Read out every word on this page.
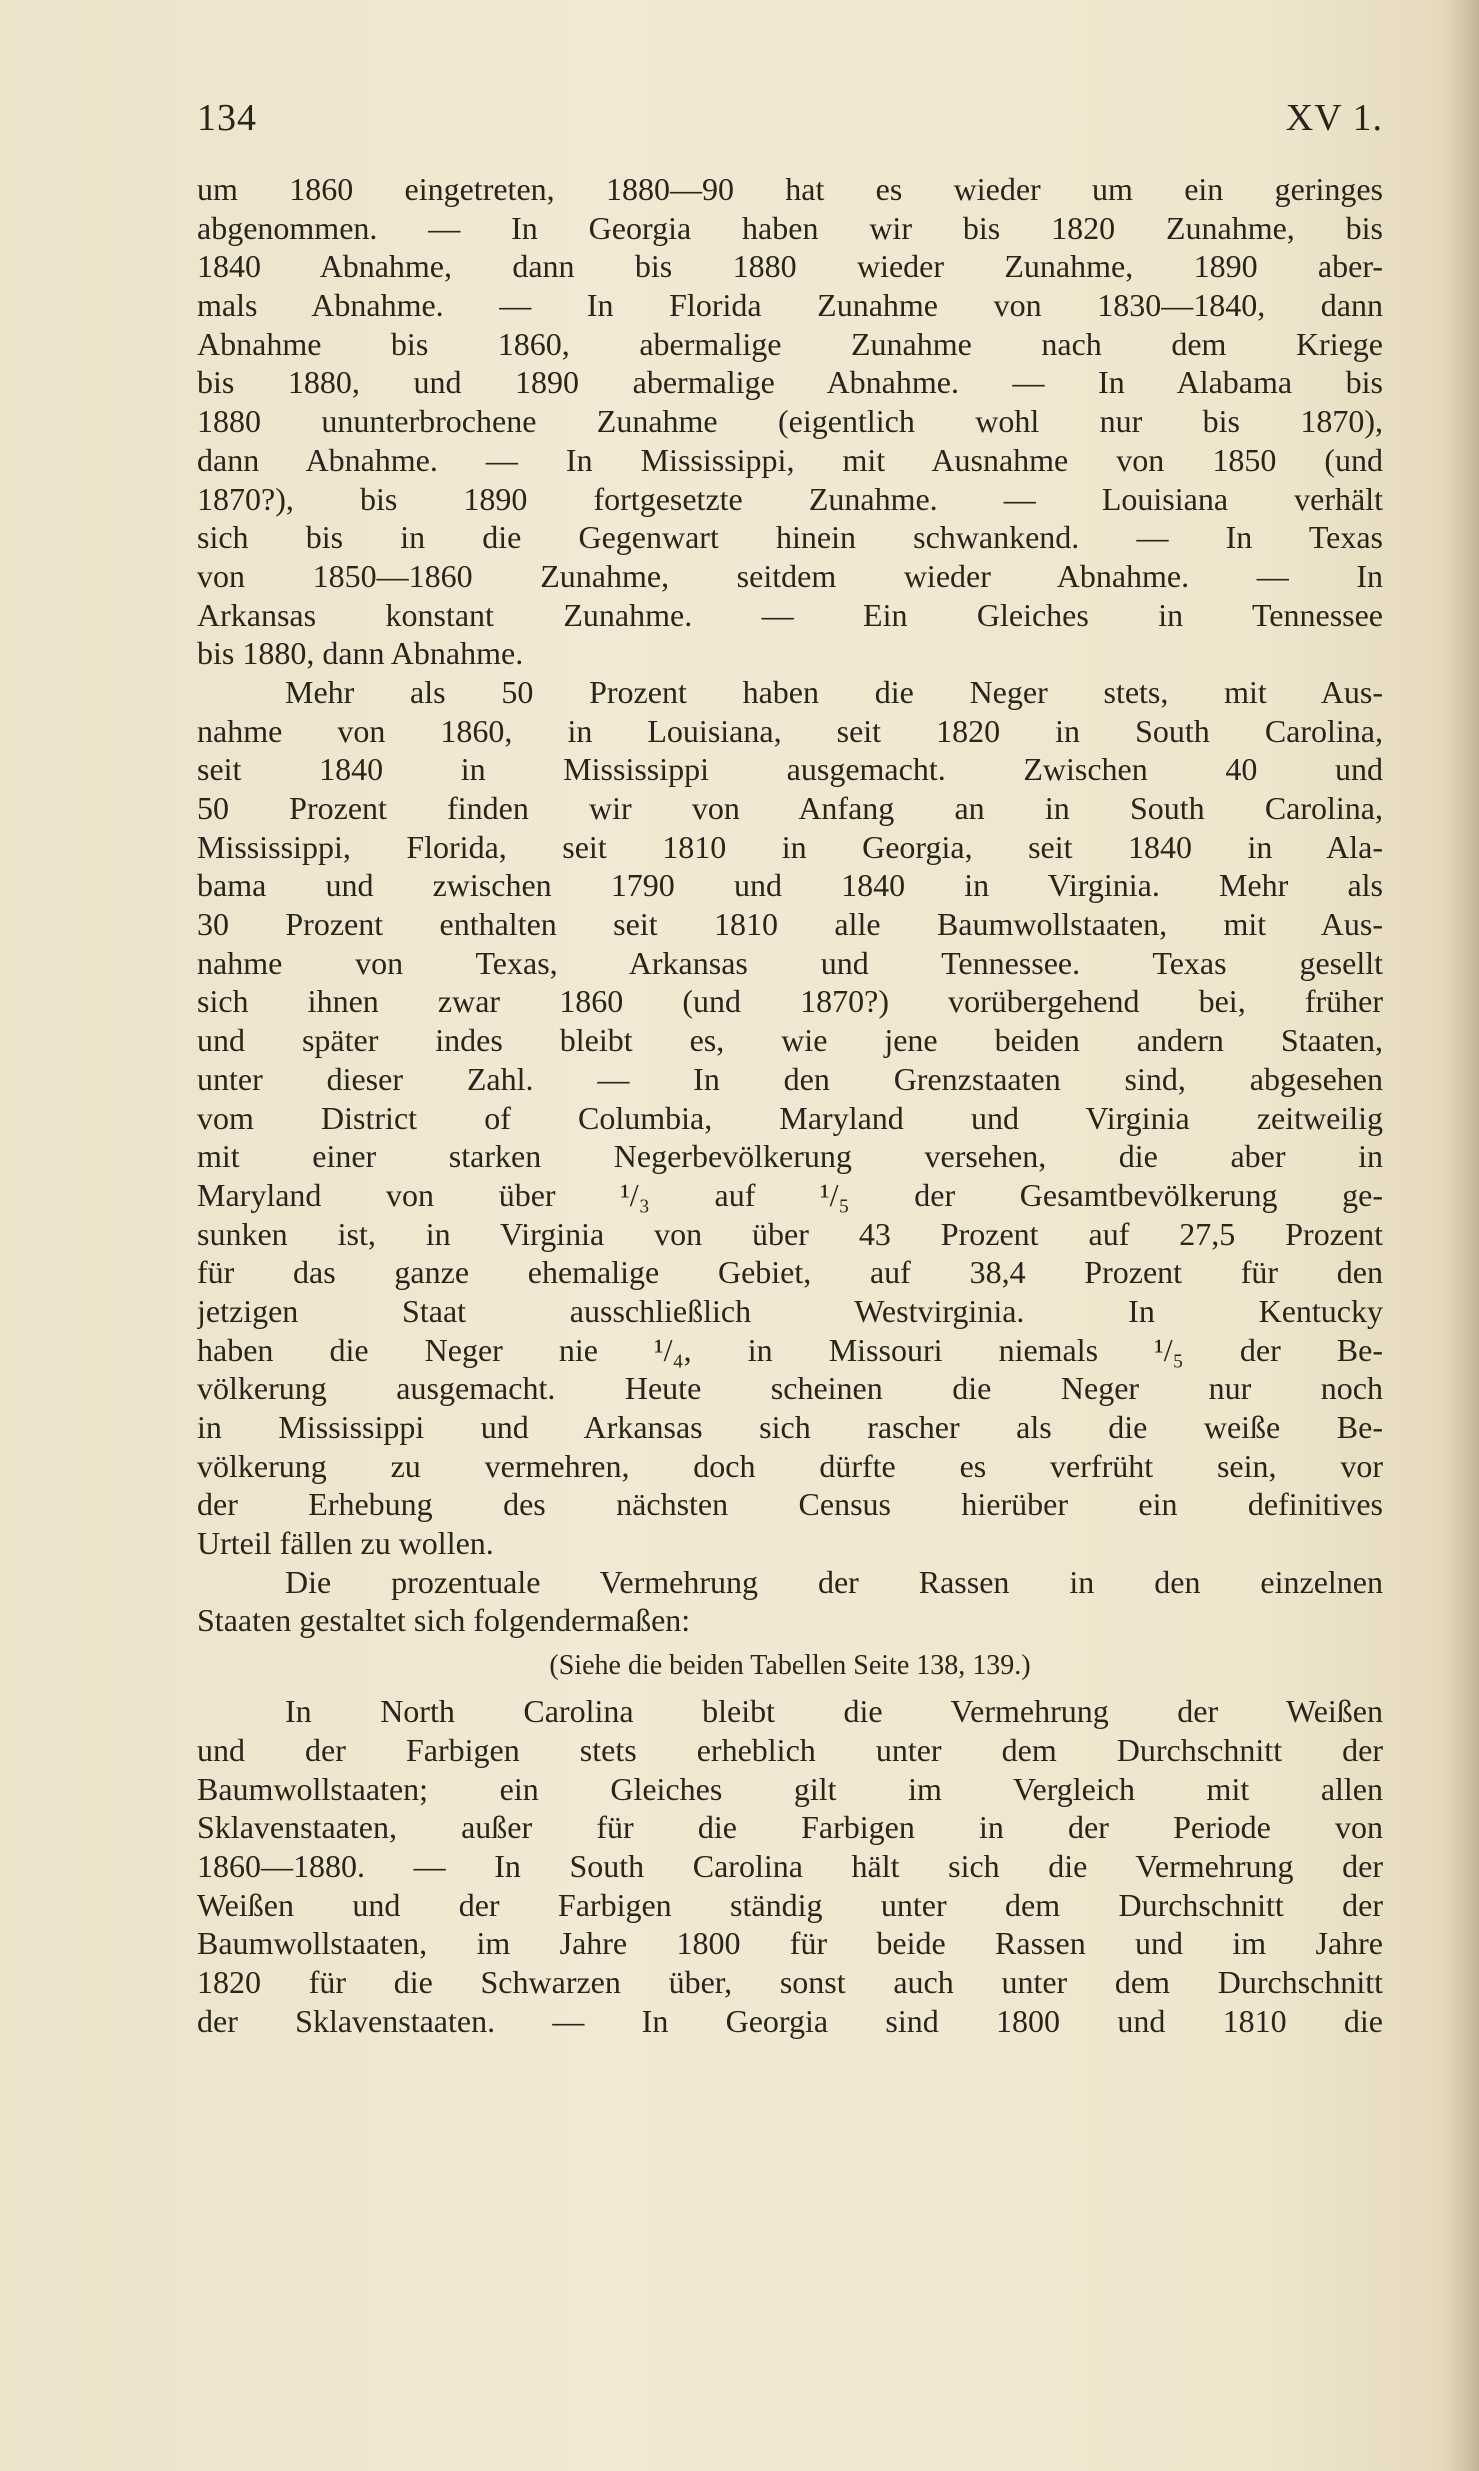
134	XV 1.
um 1860 eingetreten, 1880—90 hat es wieder um ein geringes
abgenommen. — In Georgia haben wir bis 1820 Zunahme, bis
1840 Abnahme, dann bis 1880 wieder Zunahme, 1890 aber-
mals Abnahme. — In Florida Zunahme von 1830—1840, dann
Abnahme bis 1860, abermalige Zunahme nach dem Kriege
bis 1880, und 1890 abermalige Abnahme. — In Alabama bis
1880 ununterbrochene Zunahme (eigentlich wohl nur bis 1870),
dann Abnahme. — In Mississippi, mit Ausnahme von 1850 (und
1870?), bis 1890 fortgesetzte Zunahme. — Louisiana verhält
sich bis in die Gegenwart hinein schwankend. — In Texas
von 1850—1860 Zunahme, seitdem wieder Abnahme. — In
Arkansas konstant Zunahme. — Ein Gleiches in Tennessee
bis 1880, dann Abnahme.
Mehr als 50 Prozent haben die Neger stets, mit Aus-
nahme von 1860, in Louisiana, seit 1820 in South Carolina,
seit 1840 in Mississippi ausgemacht. Zwischen 40 und
50 Prozent finden wir von Anfang an in South Carolina,
Mississippi, Florida, seit 1810 in Georgia, seit 1840 in Ala-
bama und zwischen 1790 und 1840 in Virginia. Mehr als
30 Prozent enthalten seit 1810 alle Baumwollstaaten, mit Aus-
nahme von Texas, Arkansas und Tennessee. Texas gesellt
sich ihnen zwar 1860 (und 1870?) vorübergehend bei, früher
und später indes bleibt es, wie jene beiden andern Staaten,
unter dieser Zahl. — In den Grenzstaaten sind, abgesehen
vom District of Columbia, Maryland und Virginia zeitweilig
mit einer starken Negerbevölkerung versehen, die aber in
Maryland von über ¹/₃ auf ¹/₅ der Gesamtbevölkerung ge-
sunken ist, in Virginia von über 43 Prozent auf 27,5 Prozent
für das ganze ehemalige Gebiet, auf 38,4 Prozent für den
jetzigen Staat ausschließlich Westvirginia. In Kentucky
haben die Neger nie ¹/₄, in Missouri niemals ¹/₅ der Be-
völkerung ausgemacht. Heute scheinen die Neger nur noch
in Mississippi und Arkansas sich rascher als die weiße Be-
völkerung zu vermehren, doch dürfte es verfrüht sein, vor
der Erhebung des nächsten Census hierüber ein definitives
Urteil fällen zu wollen.
Die prozentuale Vermehrung der Rassen in den einzelnen
Staaten gestaltet sich folgendermaßen:
(Siehe die beiden Tabellen Seite 138, 139.)
In North Carolina bleibt die Vermehrung der Weißen
und der Farbigen stets erheblich unter dem Durchschnitt der
Baumwollstaaten; ein Gleiches gilt im Vergleich mit allen
Sklavenstaaten, außer für die Farbigen in der Periode von
1860—1880. — In South Carolina hält sich die Vermehrung der
Weißen und der Farbigen ständig unter dem Durchschnitt der
Baumwollstaaten, im Jahre 1800 für beide Rassen und im Jahre
1820 für die Schwarzen über, sonst auch unter dem Durchschnitt
der Sklavenstaaten. — In Georgia sind 1800 und 1810 die
